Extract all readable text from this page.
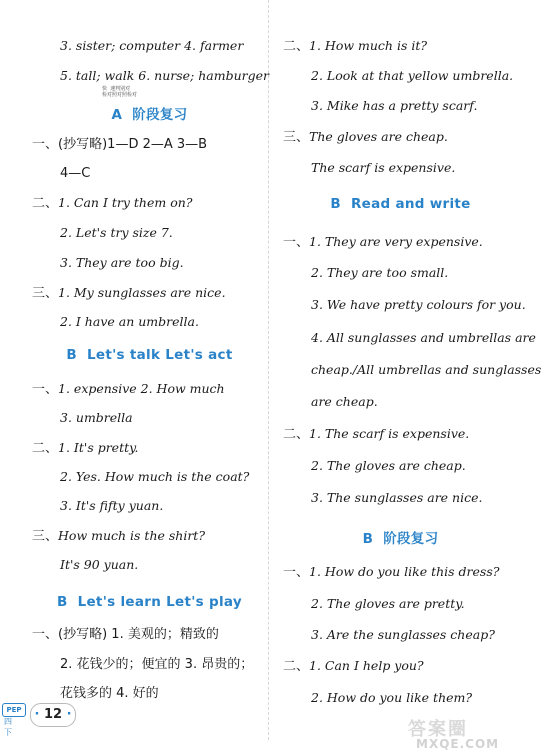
3. sister; computer 4. farmer
5. tall; walk 6. nurse; hamburger
快  速判别对
检对照对照检对
A 阶段复习
一、(抄写略)1—D 2—A 3—B
4—C
二、1. Can I try them on?
2. Let's try size 7.
3. They are too big.
三、1. My sunglasses are nice.
2. I have an umbrella.
B Let's talk Let's act
一、1. expensive 2. How much
3. umbrella
二、1. It's pretty.
2. Yes. How much is the coat?
3. It's fifty yuan.
三、How much is the shirt?
It's 90 yuan.
B Let's learn Let's play
一、(抄写略) 1. 美观的；精致的
2. 花钱少的；便宜的 3. 昂贵的；
花钱多的 4. 好的
二、1. How much is it?
2. Look at that yellow umbrella.
3. Mike has a pretty scarf.
三、The gloves are cheap.
The scarf is expensive.
B Read and write
一、1. They are very expensive.
2. They are too small.
3. We have pretty colours for you.
4. All sunglasses and umbrellas are
cheap./All umbrellas and sunglasses
are cheap.
二、1. The scarf is expensive.
2. The gloves are cheap.
3. The sunglasses are nice.
B 阶段复习
一、1. How do you like this dress?
2. The gloves are pretty.
3. Are the sunglasses cheap?
二、1. Can I help you?
2. How do you like them?
PEP
四下
· 12 ·
答案圈
MXQE.COM
